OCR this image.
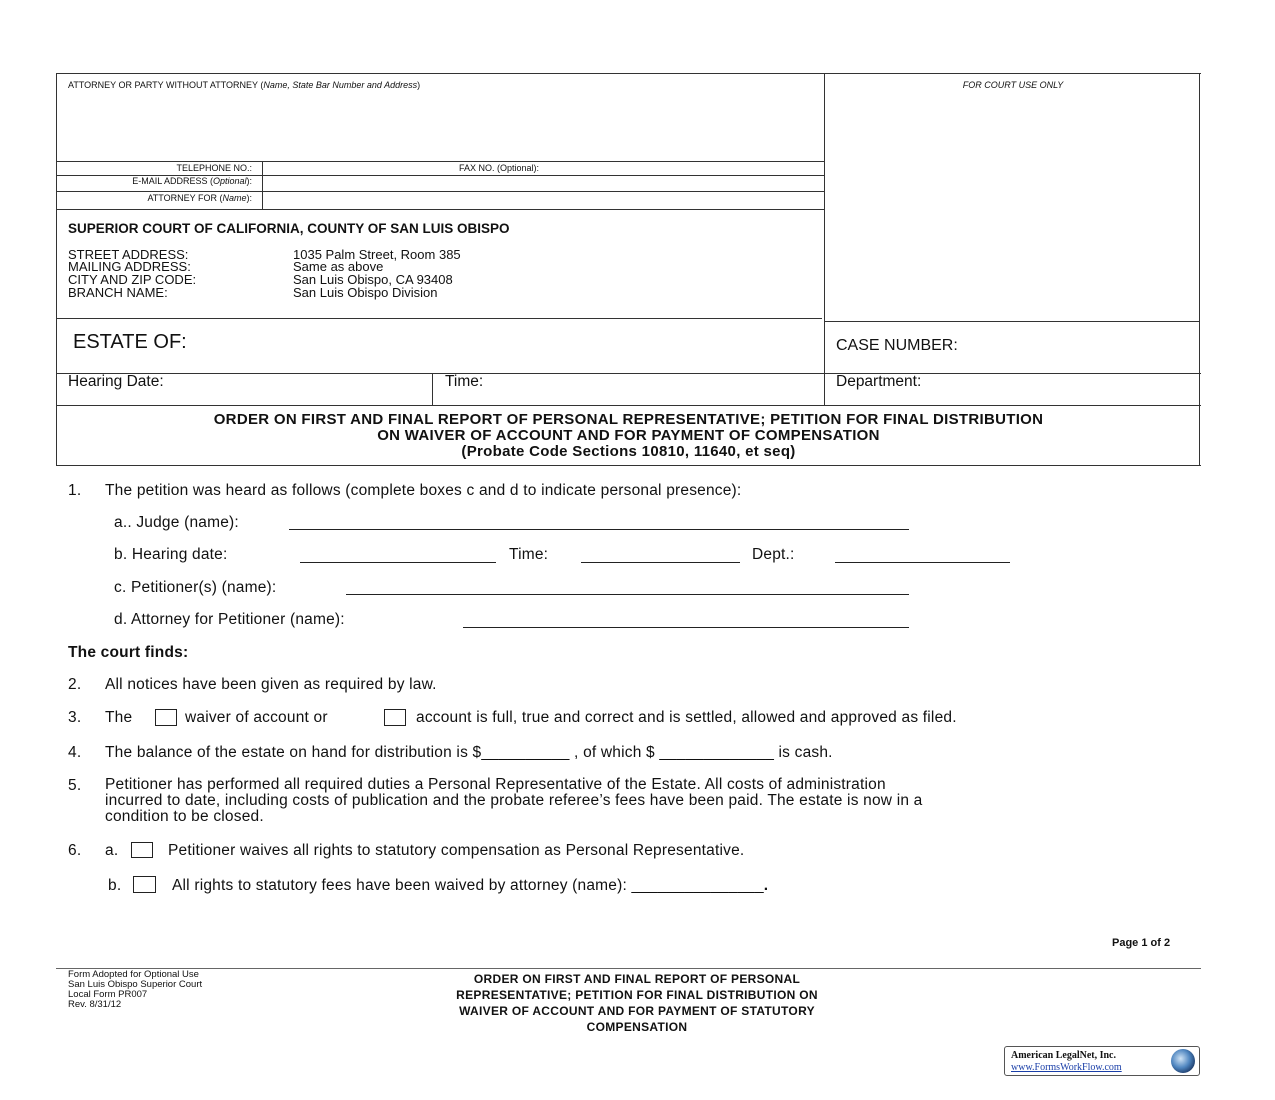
ATTORNEY OR PARTY WITHOUT ATTORNEY (Name, State Bar Number and Address)	FOR COURT USE ONLY
TELEPHONE NO.:	FAX NO. (Optional):
E-MAIL ADDRESS (Optional):
ATTORNEY FOR (Name):
SUPERIOR COURT OF CALIFORNIA, COUNTY OF SAN LUIS OBISPO
STREET ADDRESS:	1035 Palm Street, Room 385
MAILING ADDRESS:	Same as above
CITY AND ZIP CODE:	San Luis Obispo, CA 93408
BRANCH NAME:	San Luis Obispo Division
ESTATE OF:	CASE NUMBER:
Hearing Date:	Time:	Department:
ORDER ON FIRST AND FINAL REPORT OF PERSONAL REPRESENTATIVE; PETITION FOR FINAL DISTRIBUTION
ON WAIVER OF ACCOUNT AND FOR PAYMENT OF COMPENSATION
(Probate Code Sections 10810, 11640, et seq)
1. The petition was heard as follows (complete boxes c and d to indicate personal presence):
a.. Judge (name):
b. Hearing date:	Time:	Dept.:
c. Petitioner(s) (name):
d. Attorney for Petitioner (name):
The court finds:
2. All notices have been given as required by law.
3. The	waiver of account or	account is full, true and correct and is settled, allowed and approved as filed.
4. The balance of the estate on hand for distribution is $__________ , of which $ _____________ is cash.
5. Petitioner has performed all required duties a Personal Representative of the Estate. All costs of administration
incurred to date, including costs of publication and the probate referee’s fees have been paid. The estate is now in a
condition to be closed.
6. a.	Petitioner waives all rights to statutory compensation as Personal Representative.
b.	All rights to statutory fees have been waived by attorney (name): _______________.
Page 1 of 2
Form Adopted for Optional Use
San Luis Obispo Superior Court
Local Form PR007
Rev. 8/31/12
ORDER ON FIRST AND FINAL REPORT OF PERSONAL
REPRESENTATIVE; PETITION FOR FINAL DISTRIBUTION ON
WAIVER OF ACCOUNT AND FOR PAYMENT OF STATUTORY
COMPENSATION
American LegalNet, Inc.
www.FormsWorkFlow.com
